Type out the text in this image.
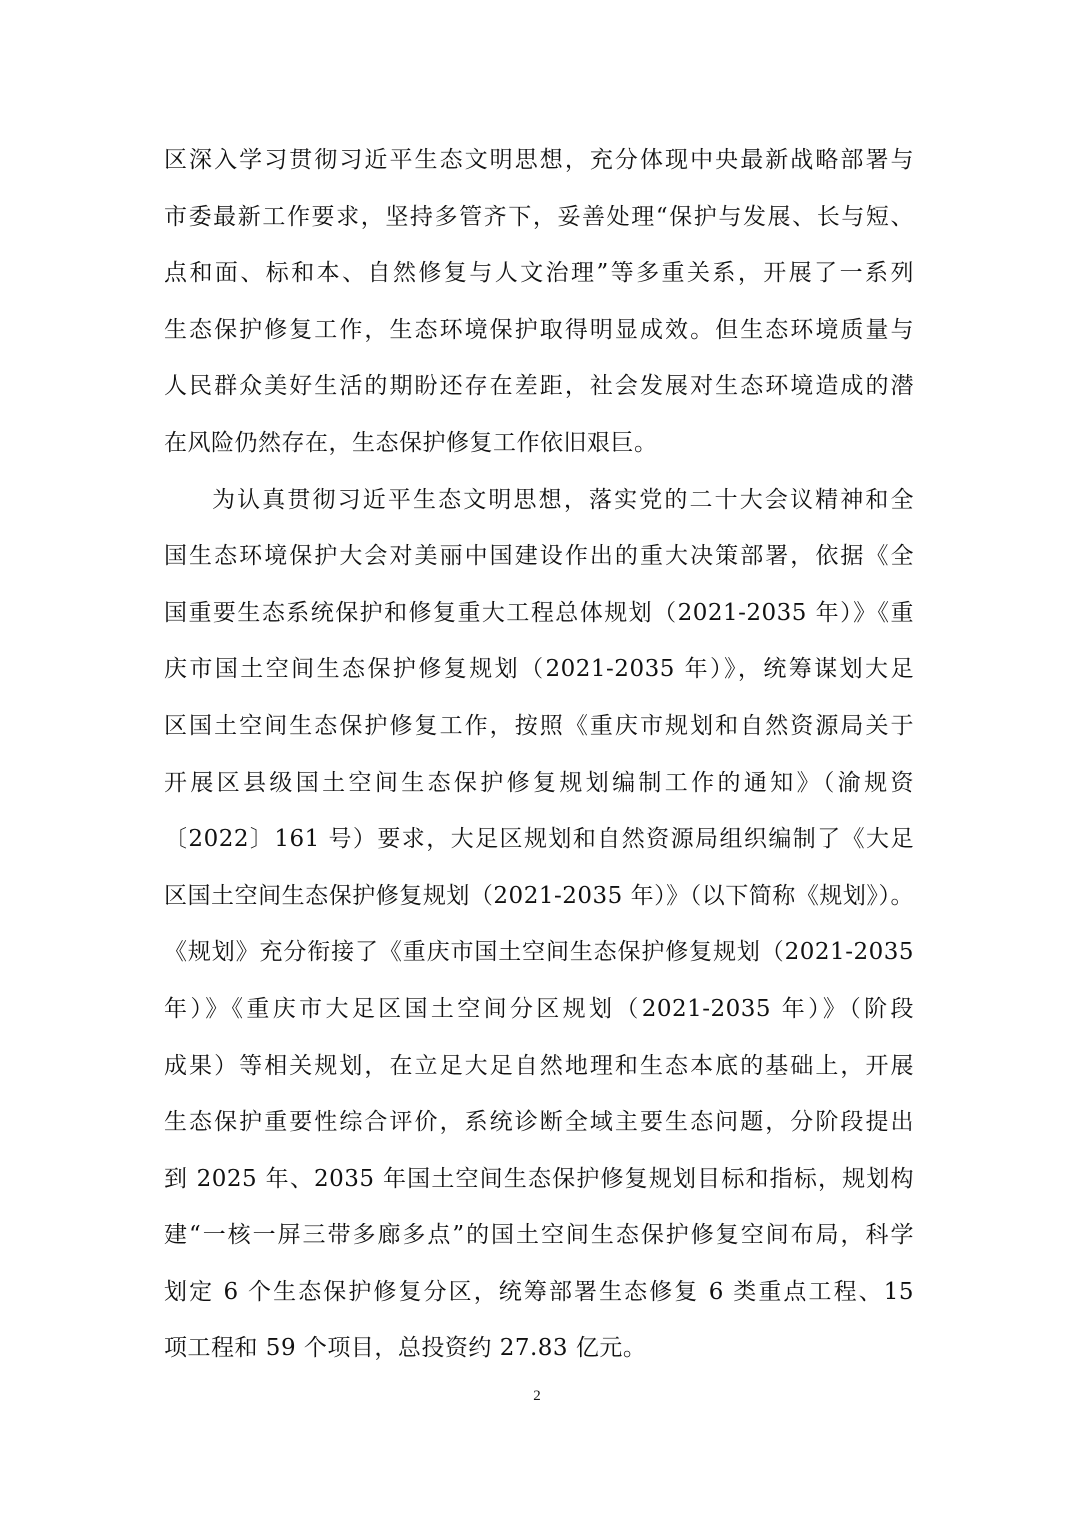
区深入学习贯彻习近平生态文明思想，充分体现中央最新战略部署与
市委最新工作要求，坚持多管齐下，妥善处理“保护与发展、长与短、
点和面、标和本、自然修复与人文治理”等多重关系，开展了一系列
生态保护修复工作，生态环境保护取得明显成效。但生态环境质量与
人民群众美好生活的期盼还存在差距，社会发展对生态环境造成的潜
在风险仍然存在，生态保护修复工作依旧艰巨。
为认真贯彻习近平生态文明思想，落实党的二十大会议精神和全
国生态环境保护大会对美丽中国建设作出的重大决策部署，依据《全
国重要生态系统保护和修复重大工程总体规划（2021-2035 年）》《重
庆市国土空间生态保护修复规划（2021-2035 年）》，统筹谋划大足
区国土空间生态保护修复工作，按照《重庆市规划和自然资源局关于
开展区县级国土空间生态保护修复规划编制工作的通知》（渝规资
〔2022〕161 号）要求，大足区规划和自然资源局组织编制了《大足
区国土空间生态保护修复规划（2021-2035 年）》（以下简称《规划》）。
《规划》充分衔接了《重庆市国土空间生态保护修复规划（2021-2035
年）》《重庆市大足区国土空间分区规划（2021-2035 年）》（阶段
成果）等相关规划，在立足大足自然地理和生态本底的基础上，开展
生态保护重要性综合评价，系统诊断全域主要生态问题，分阶段提出
到 2025 年、2035 年国土空间生态保护修复规划目标和指标，规划构
建“一核一屏三带多廊多点”的国土空间生态保护修复空间布局，科学
划定 6 个生态保护修复分区，统筹部署生态修复 6 类重点工程、15
项工程和 59 个项目，总投资约 27.83 亿元。
2
